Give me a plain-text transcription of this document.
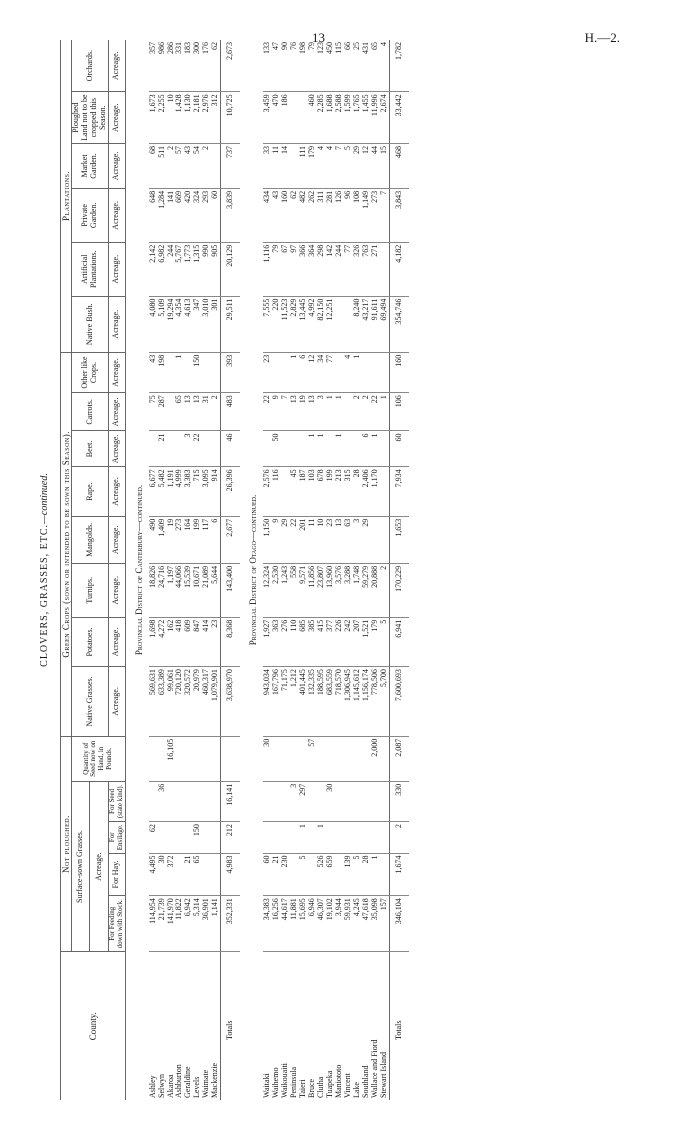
13	H.—2.
CLOVERS, GRASSES, ETC.—continued.
County.	Not ploughed.					Green Crops (sown or intended to be sown this Season).								Plantations.					
	Surface-sown Grasses.				Quantity of Seed now on Hand, in Pounds.	Native Grasses.	Potatoes.	Turnips.	Mangolds.	Rape.	Beet.	Carrots.	Other like Crops.	Native Bush.	Artificial Plantations.	Private Garden.	Market Garden.	Ploughed Land not to be cropped this Season.	Orchards.
	Acreage.																		
	For Feeding down with Stock.	For Hay.	For Ensilage.	For Seed (state kind).		Acreage.	Acreage.	Acreage.	Acreage.	Acreage.	Acreage.	Acreage.	Acreage.	Acreage.	Acreage.	Acreage.	Acreage.	Acreage.	Acreage.
Provincial District of Canterbury—continued.																			
Ashley	114,954	4,495	62			569,631	1,698	18,826	490	6,677		75	43	4,080	2,142	648	68	1,673	357
Selwyn	21,739	30		36		633,389	4,272	24,716	1,409	5,482	21	287	198	5,109	6,982	1,284	511	2,255	986
Akaroa	141,970	372			16,105	99,061	162	1,197	19	1,191				19,294	244	141	2	10	286
Ashburton	11,822					720,120	418	44,066	273	4,999		65	1	4,354	5,767	669	57	1,428	331
Geraldine	6,942	21				320,572	609	15,539	164	3,383	3	13		4,613	1,773	420	43	1,130	183
Levels	5,314	65	150			20,979	847	10,671	199	715	22	13	150	347	1,315	324	54	2,181	300
Waimate	36,901					460,317	414	21,089	117	3,095		31		3,010	990	293	2	2,976	176
Mackenzie	1,141					1,079,901	23	5,644	6	914		2		301	905	60		312	62
Totals	352,331	4,983	212	16,141		3,638,970	8,368	143,400	2,677	26,396	46	483	393	29,511	20,129	3,839	737	10,725	2,673
Provincial District of Otago—continued.																			
Waitaki	34,383	60			30	943,034	1,927	12,324	1,150	2,576		22	23	7,555	1,116	434	33	3,459	133
Waihemo	16,256	21				167,796	363	2,530	9	116	50	9		220	79	43	11	470	47
Waikouaiti	44,617	230				71,175	276	1,243	29			7		11,523	67	160	14	186	90
Peninsula	11,881			3		1,212	110	558	22	45		13	1	2,829	97	62			76
Taieri	15,695	5	1	297		401,445	685	9,571	201	187		19	6	13,445	366	482	111		198
Bruce	6,946				57	132,335	385	11,856	11	103	1	13	12	4,992	364	262	179	460	79
Clutha	46,307	526	1			188,595	415	23,807	10	678	1	3	34	82,150	298	311	4	2,285	123
Tuapeka	19,102	659		30		683,559	377	13,960	23	199		1	77	12,251	142	281	4	1,688	450
Maniototo	3,944					718,570	226	3,576	13	213	1	1			244	126	7	2,588	115
Vincent	59,931	139				1,306,945	242	3,288	63	315			4		77	96	5	1,599	66
Lake	4,245	5				1,145,612	207	1,748	3	28		2	1	8,240	326	108	29	1,765	25
Southland	47,618	28				1,156,174	1,521	59,279	29	2,406	6	2		43,217	763	1,149	12	1,455	431
Wallace and Fiord	35,098	1			2,000	778,506	179	20,888		1,170	1	22		91,611	271	273	44	11,996	65
Stewart Island	157					5,700	5	2				1		69,494		7	15	2,674	4
Totals	346,104	1,674	2	330	2,087	7,600,693	6,941	170,229	1,653	7,934	60	106	160	354,746	4,182	3,843	468	33,442	1,782
